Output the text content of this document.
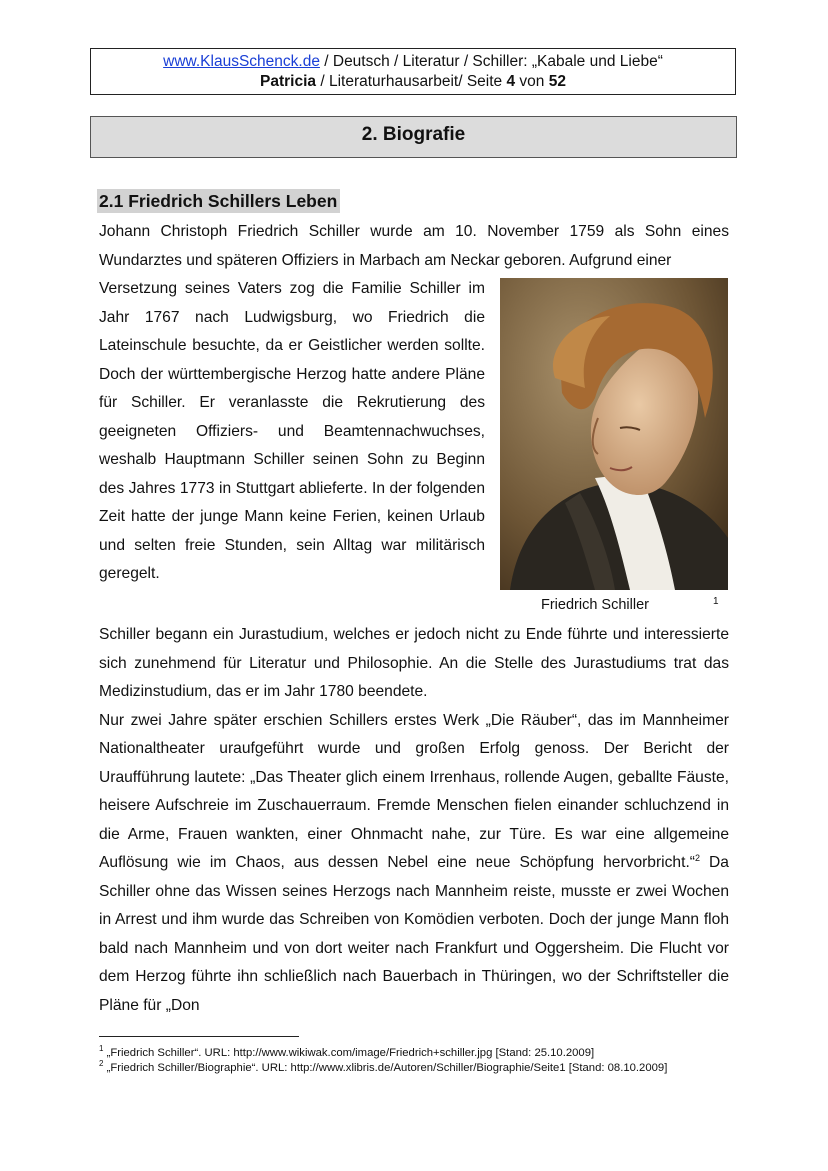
www.KlausSchenck.de / Deutsch / Literatur / Schiller: „Kabale und Liebe“
Patricia / Literaturhausarbeit/ Seite 4 von 52
2. Biografie
2.1 Friedrich Schillers Leben
Johann Christoph Friedrich Schiller wurde am 10. November 1759 als Sohn eines Wundarztes und späteren Offiziers in Marbach am Neckar geboren. Aufgrund einer
Versetzung seines Vaters zog die Familie Schiller im Jahr 1767 nach Ludwigsburg, wo Friedrich die Lateinschule besuchte, da er Geistlicher werden sollte. Doch der württembergische Herzog hatte andere Pläne für Schiller. Er veranlasste die Rekrutierung des geeigneten Offiziers- und Beamtennachwuchses, weshalb Hauptmann Schiller seinen Sohn zu Beginn des Jahres 1773 in Stuttgart ablieferte. In der folgenden Zeit hatte der junge Mann keine Ferien, keinen Urlaub und selten freie Stunden, sein Alltag war militärisch geregelt.
Friedrich Schiller	1
Schiller begann ein Jurastudium, welches er jedoch nicht zu Ende führte und interessierte sich zunehmend für Literatur und Philosophie. An die Stelle des Jurastudiums trat das Medizinstudium, das er im Jahr 1780 beendete.
Nur zwei Jahre später erschien Schillers erstes Werk „Die Räuber“, das im Mannheimer Nationaltheater uraufgeführt wurde und großen Erfolg genoss. Der Bericht der Uraufführung lautete: „Das Theater glich einem Irrenhaus, rollende Augen, geballte Fäuste, heisere Aufschreie im Zuschauerraum. Fremde Menschen fielen einander schluchzend in die Arme, Frauen wankten, einer Ohnmacht nahe, zur Türe. Es war eine allgemeine Auflösung wie im Chaos, aus dessen Nebel eine neue Schöpfung hervorbricht.“$^2$ Da Schiller ohne das Wissen seines Herzogs nach Mannheim reiste, musste er zwei Wochen in Arrest und ihm wurde das Schreiben von Komödien verboten. Doch der junge Mann floh bald nach Mannheim und von dort weiter nach Frankfurt und Oggersheim. Die Flucht vor dem Herzog führte ihn schließlich nach Bauerbach in Thüringen, wo der Schriftsteller die Pläne für „Don
$^1$ „Friedrich Schiller“. URL: http://www.wikiwak.com/image/Friedrich+schiller.jpg [Stand: 25.10.2009]
$^2$ „Friedrich Schiller/Biographie“. URL: http://www.xlibris.de/Autoren/Schiller/Biographie/Seite1 [Stand: 08.10.2009]
